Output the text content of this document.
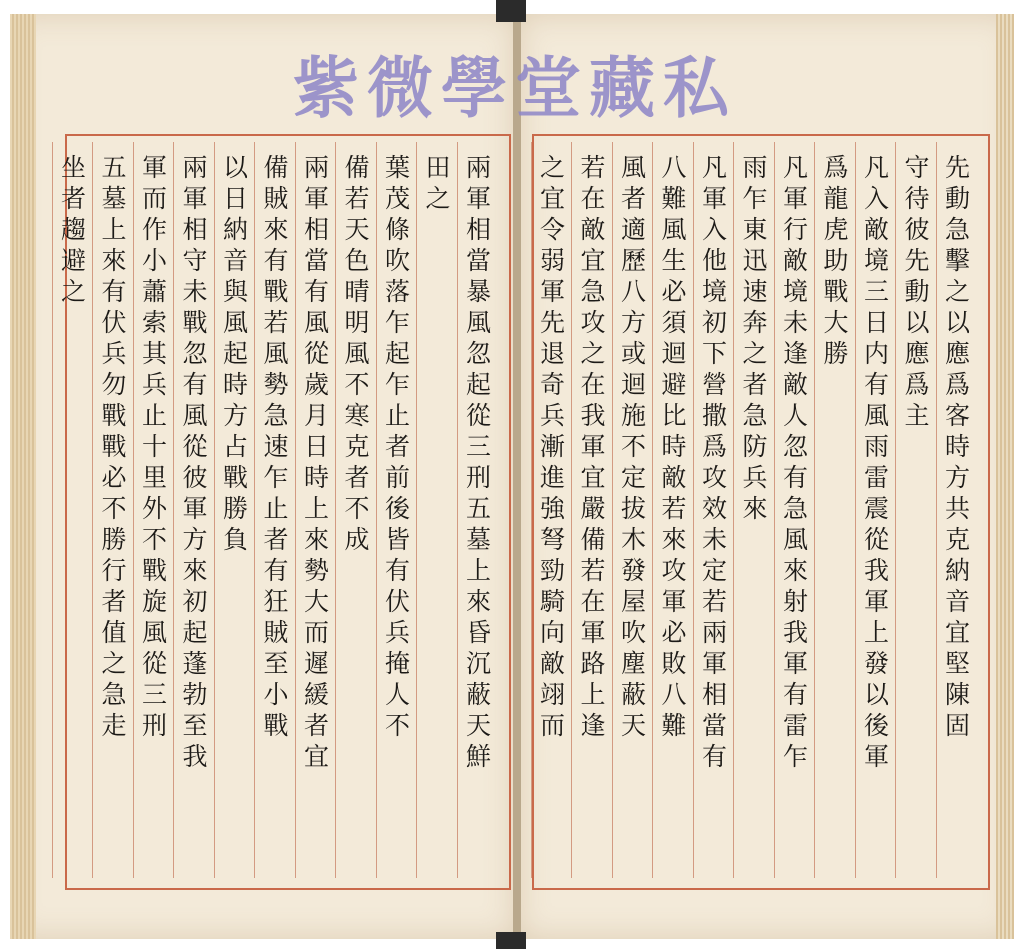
先動急擊之以應爲客時方共克納音宜堅陳固
守待彼先動以應爲主
凡入敵境三日内有風雨雷震從我軍上發以後軍
爲龍虎助戰大勝
凡軍行敵境未逢敵人忽有急風來射我軍有雷乍
雨乍東迅速奔之者急防兵來
凡軍入他境初下營撒爲攻效未定若兩軍相當有
八難風生必須迴避比時敵若來攻軍必敗八難
風者適歷八方或迴施不定拔木發屋吹塵蔽天
若在敵宜急攻之在我軍宜嚴備若在軍路上逢
之宜令弱軍先退奇兵漸進強弩勁騎向敵翊而
兩軍相當暴風忽起從三刑五墓上來昏沉蔽天鮮
田之
葉茂條吹落乍起乍止者前後皆有伏兵掩人不
備若天色晴明風不寒克者不成
兩軍相當有風從歲月日時上來勢大而遲緩者宜
備賊來有戰若風勢急速乍止者有狂賊至小戰
以日納音與風起時方占戰勝負
兩軍相守未戰忽有風從彼軍方來初起蓬勃至我
軍而作小蕭索其兵止十里外不戰旋風從三刑
五墓上來有伏兵勿戰戰必不勝行者值之急走
坐者趨避之
紫微學堂藏私
